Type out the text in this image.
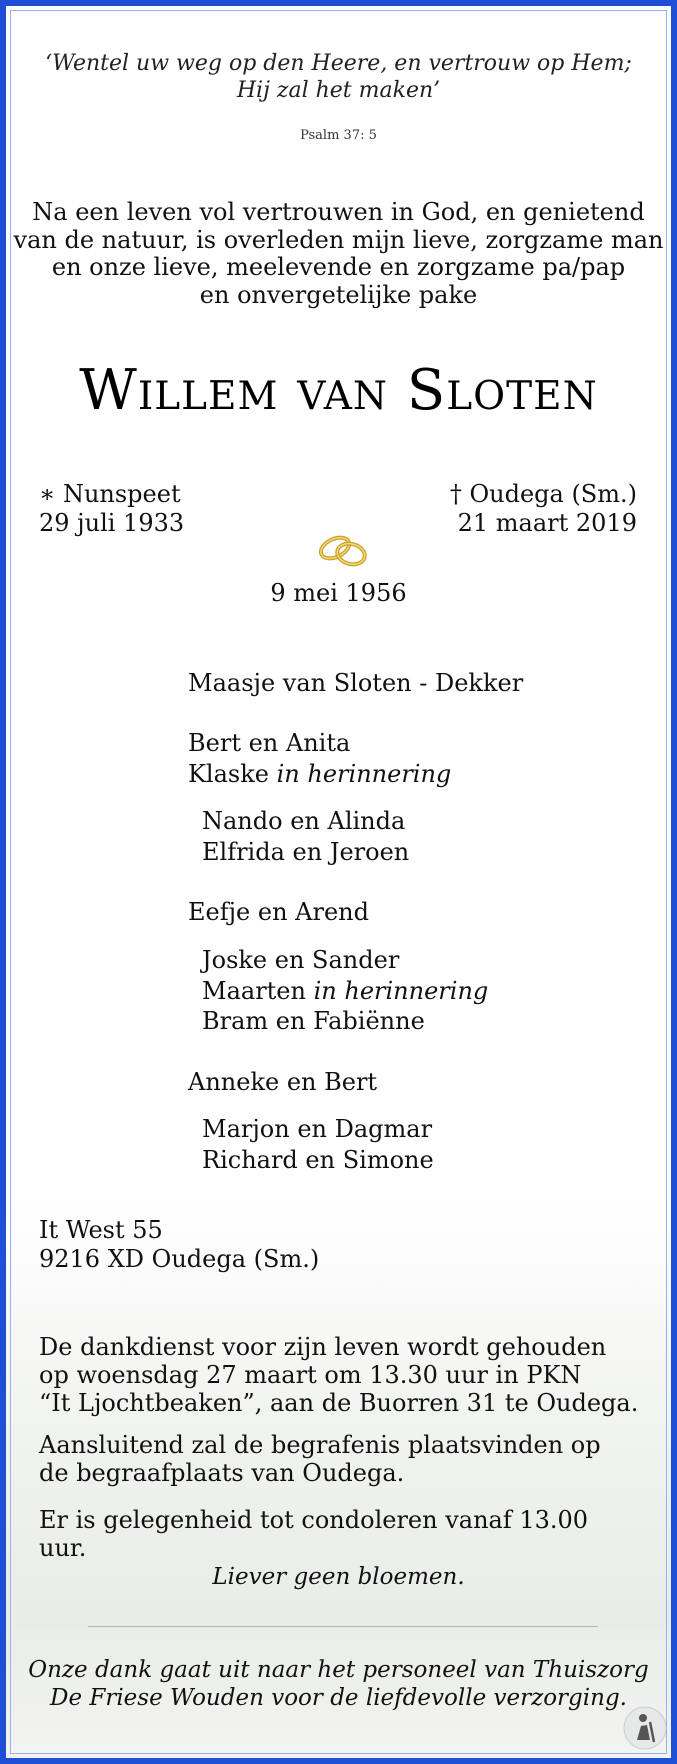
‘Wentel uw weg op den Heere, en vertrouw op Hem;
Hij zal het maken’
Psalm 37: 5
Na een leven vol vertrouwen in God, en genietend
van de natuur, is overleden mijn lieve, zorgzame man
en onze lieve, meelevende en zorgzame pa/pap
en onvergetelijke pake
Willem van Sloten
∗ Nunspeet
29 juli 1933
† Oudega (Sm.)
21 maart 2019
9 mei 1956
Maasje van Sloten - Dekker
Bert en Anita
Klaske in herinnering
Nando en Alinda
Elfrida en Jeroen
Eefje en Arend
Joske en Sander
Maarten in herinnering
Bram en Fabiënne
Anneke en Bert
Marjon en Dagmar
Richard en Simone
It West 55
9216 XD Oudega (Sm.)
De dankdienst voor zijn leven wordt gehouden
op woensdag 27 maart om 13.30 uur in PKN
“It Ljochtbeaken”, aan de Buorren 31 te Oudega.
Aansluitend zal de begrafenis plaatsvinden op
de begraafplaats van Oudega.
Er is gelegenheid tot condoleren vanaf 13.00 uur.
Liever geen bloemen.
Onze dank gaat uit naar het personeel van Thuiszorg
De Friese Wouden voor de liefdevolle verzorging.
